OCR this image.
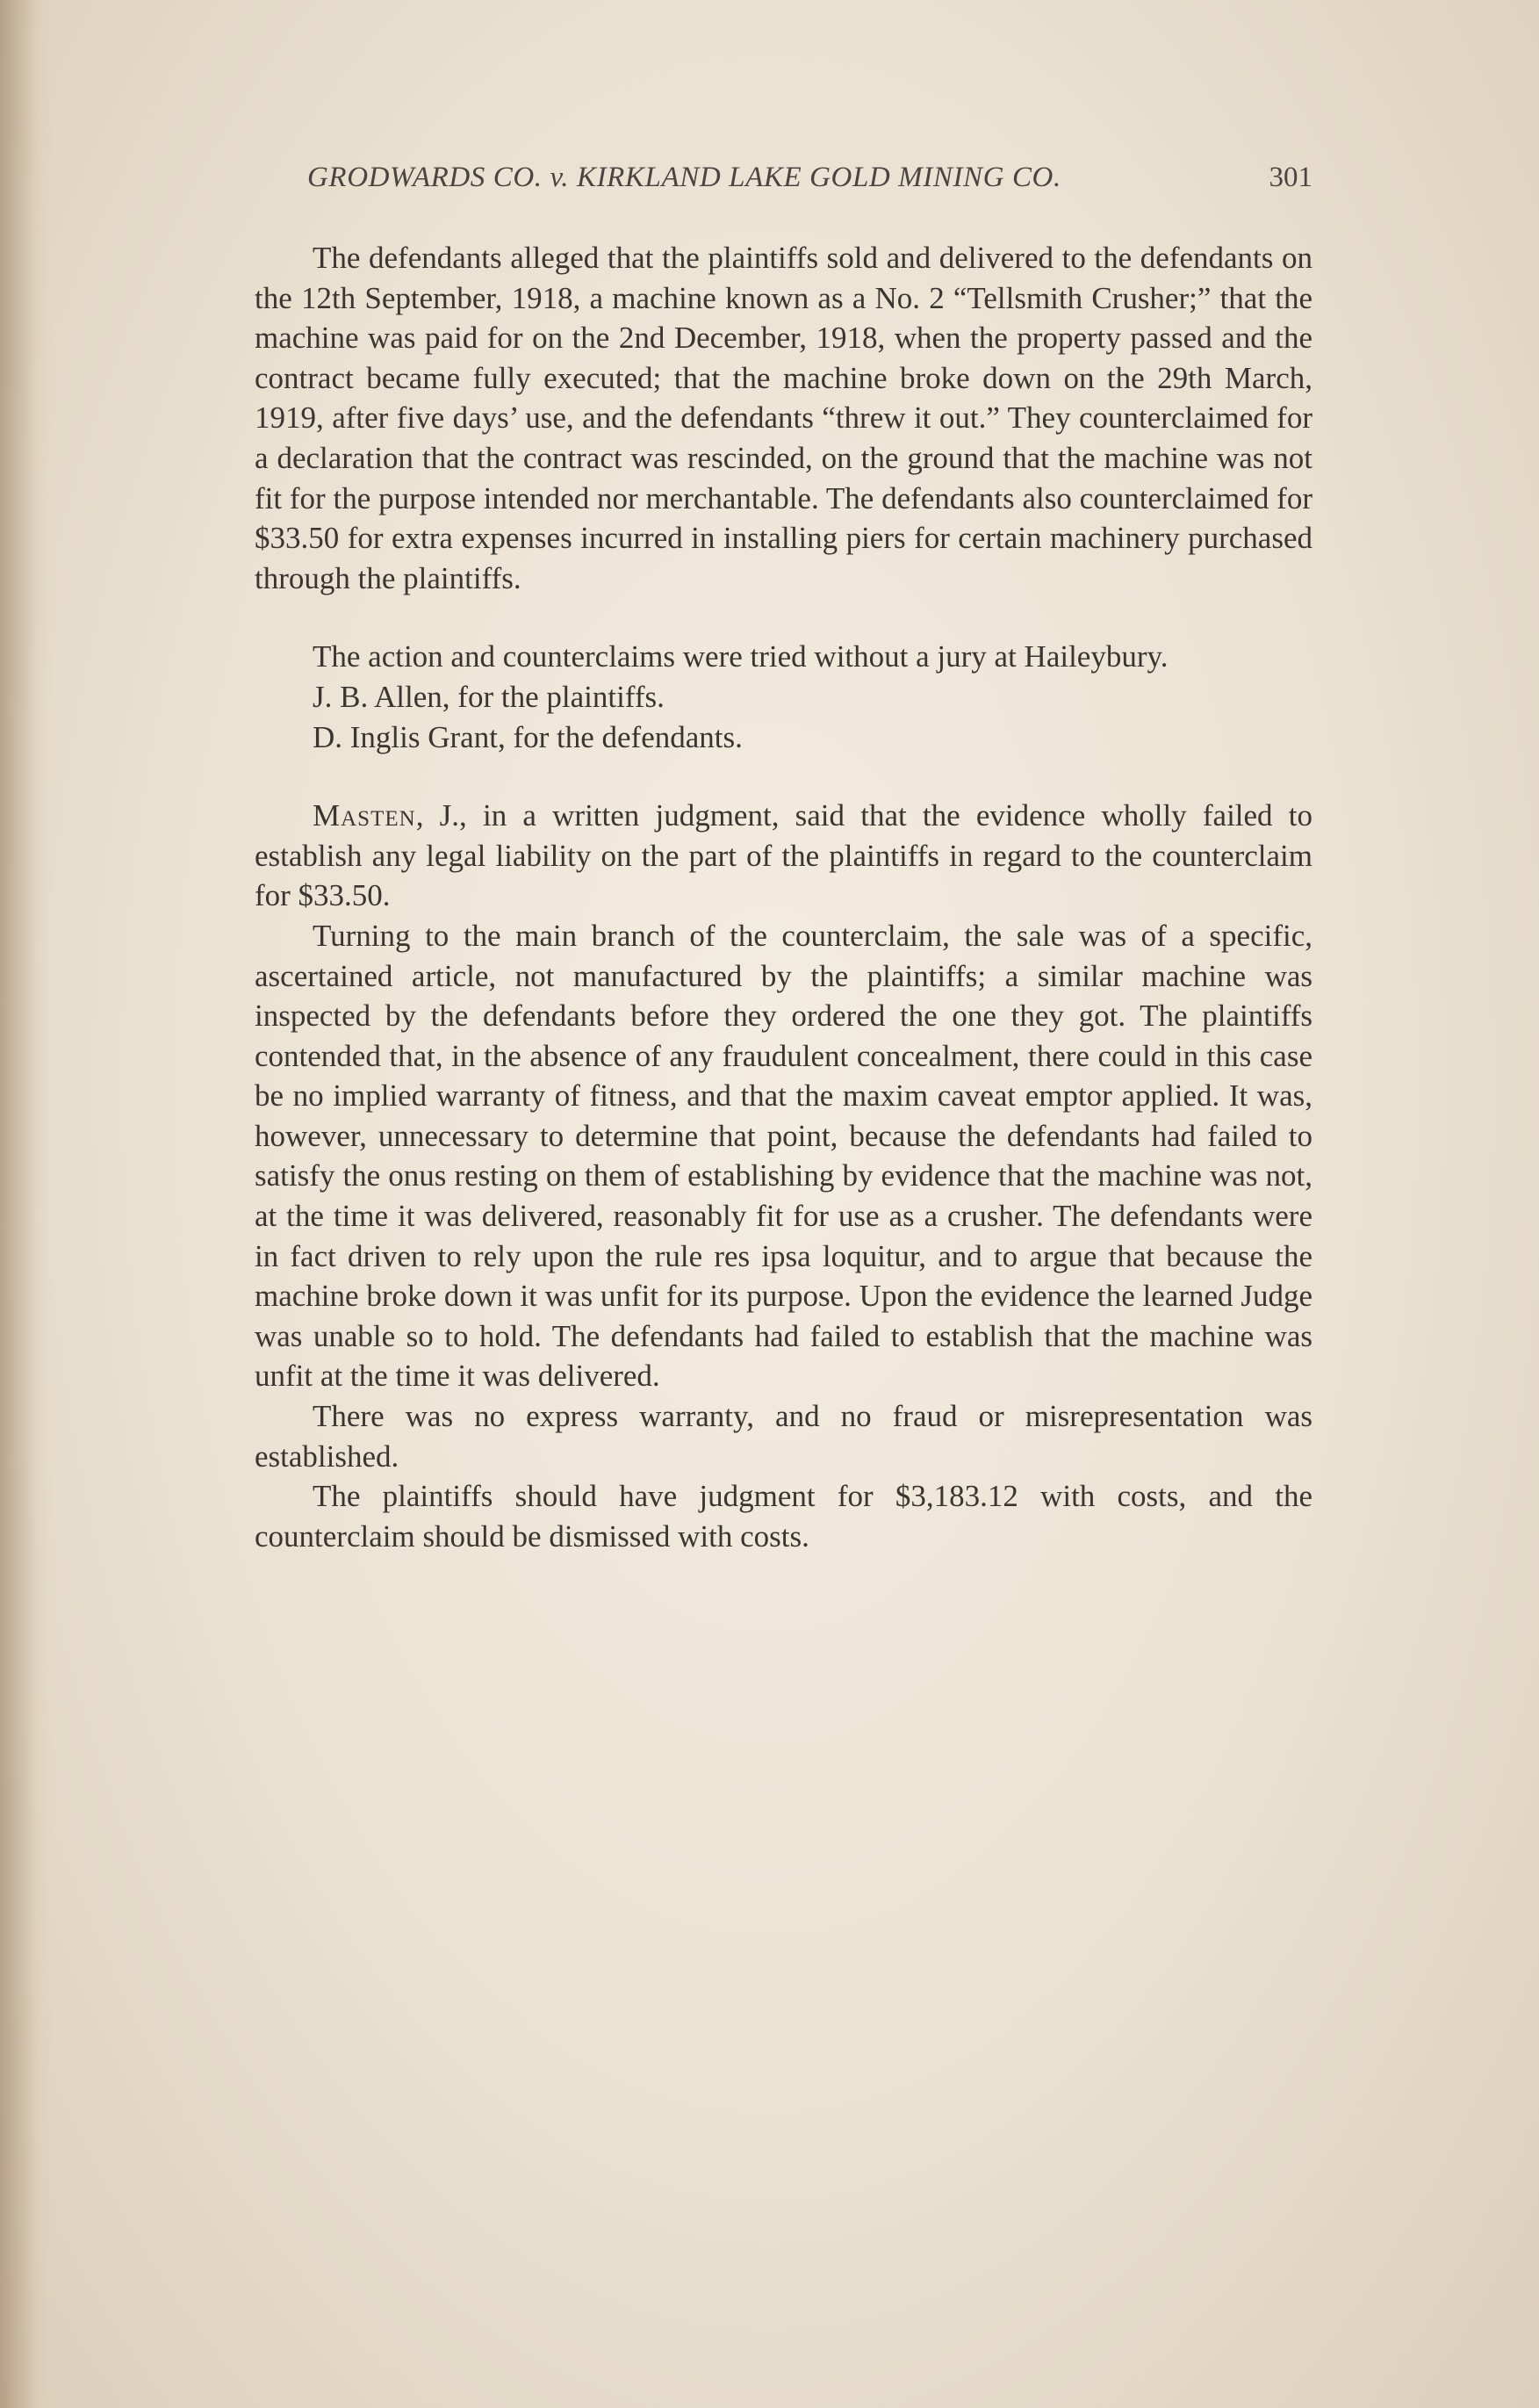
GRODWARDS CO. v. KIRKLAND LAKE GOLD MINING CO.	301

The defendants alleged that the plaintiffs sold and delivered to the defendants on the 12th September, 1918, a machine known as a No. 2 “Tellsmith Crusher;” that the machine was paid for on the 2nd December, 1918, when the property passed and the contract became fully executed; that the machine broke down on the 29th March, 1919, after five days’ use, and the defendants “threw it out.” They counterclaimed for a declaration that the contract was rescinded, on the ground that the machine was not fit for the purpose intended nor merchantable. The defendants also counterclaimed for $33.50 for extra expenses incurred in installing piers for certain machinery purchased through the plaintiffs.

The action and counterclaims were tried without a jury at Haileybury.

J. B. Allen, for the plaintiffs.

D. Inglis Grant, for the defendants.

Masten, J., in a written judgment, said that the evidence wholly failed to establish any legal liability on the part of the plaintiffs in regard to the counterclaim for $33.50.

Turning to the main branch of the counterclaim, the sale was of a specific, ascertained article, not manufactured by the plaintiffs; a similar machine was inspected by the defendants before they ordered the one they got. The plaintiffs contended that, in the absence of any fraudulent concealment, there could in this case be no implied warranty of fitness, and that the maxim caveat emptor applied. It was, however, unnecessary to determine that point, because the defendants had failed to satisfy the onus resting on them of establishing by evidence that the machine was not, at the time it was delivered, reasonably fit for use as a crusher. The defendants were in fact driven to rely upon the rule res ipsa loquitur, and to argue that because the machine broke down it was unfit for its purpose. Upon the evidence the learned Judge was unable so to hold. The defendants had failed to establish that the machine was unfit at the time it was delivered.

There was no express warranty, and no fraud or misrepresentation was established.

The plaintiffs should have judgment for $3,183.12 with costs, and the counterclaim should be dismissed with costs.
